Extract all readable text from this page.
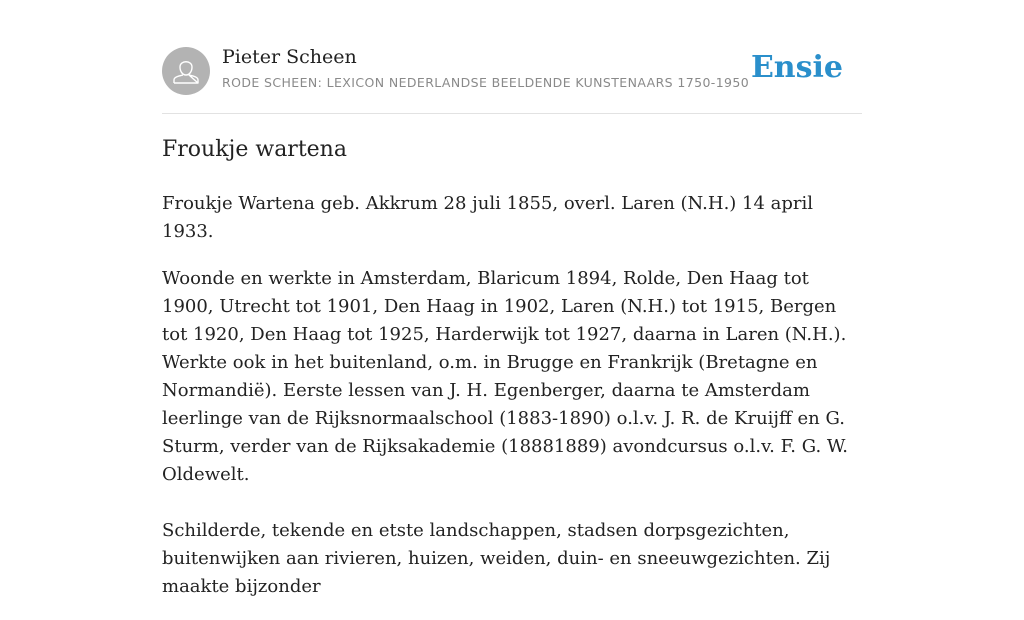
Pieter Scheen
RODE SCHEEN: LEXICON NEDERLANDSE BEELDENDE KUNSTENAARS 1750-1950 Ensie
Froukje wartena

Froukje Wartena geb. Akkrum 28 juli 1855, overl. Laren (N.H.) 14 april 1933.

Woonde en werkte in Amsterdam, Blaricum 1894, Rolde, Den Haag tot 1900, Utrecht tot 1901, Den Haag in 1902, Laren (N.H.) tot 1915, Bergen tot 1920, Den Haag tot 1925, Harderwijk tot 1927, daarna in Laren (N.H.). Werkte ook in het buitenland, o.m. in Brugge en Frankrijk (Bretagne en Normandië). Eerste lessen van J. H. Egenberger, daarna te Amsterdam leerlinge van de Rijksnormaalschool (1883-1890) o.l.v. J. R. de Kruijff en G. Sturm, verder van de Rijksakademie (18881889) avondcursus o.l.v. F. G. W. Oldewelt.

Schilderde, tekende en etste landschappen, stadsen dorpsgezichten, buitenwijken aan rivieren, huizen, weiden, duin- en sneeuwgezichten. Zij maakte bijzonder
